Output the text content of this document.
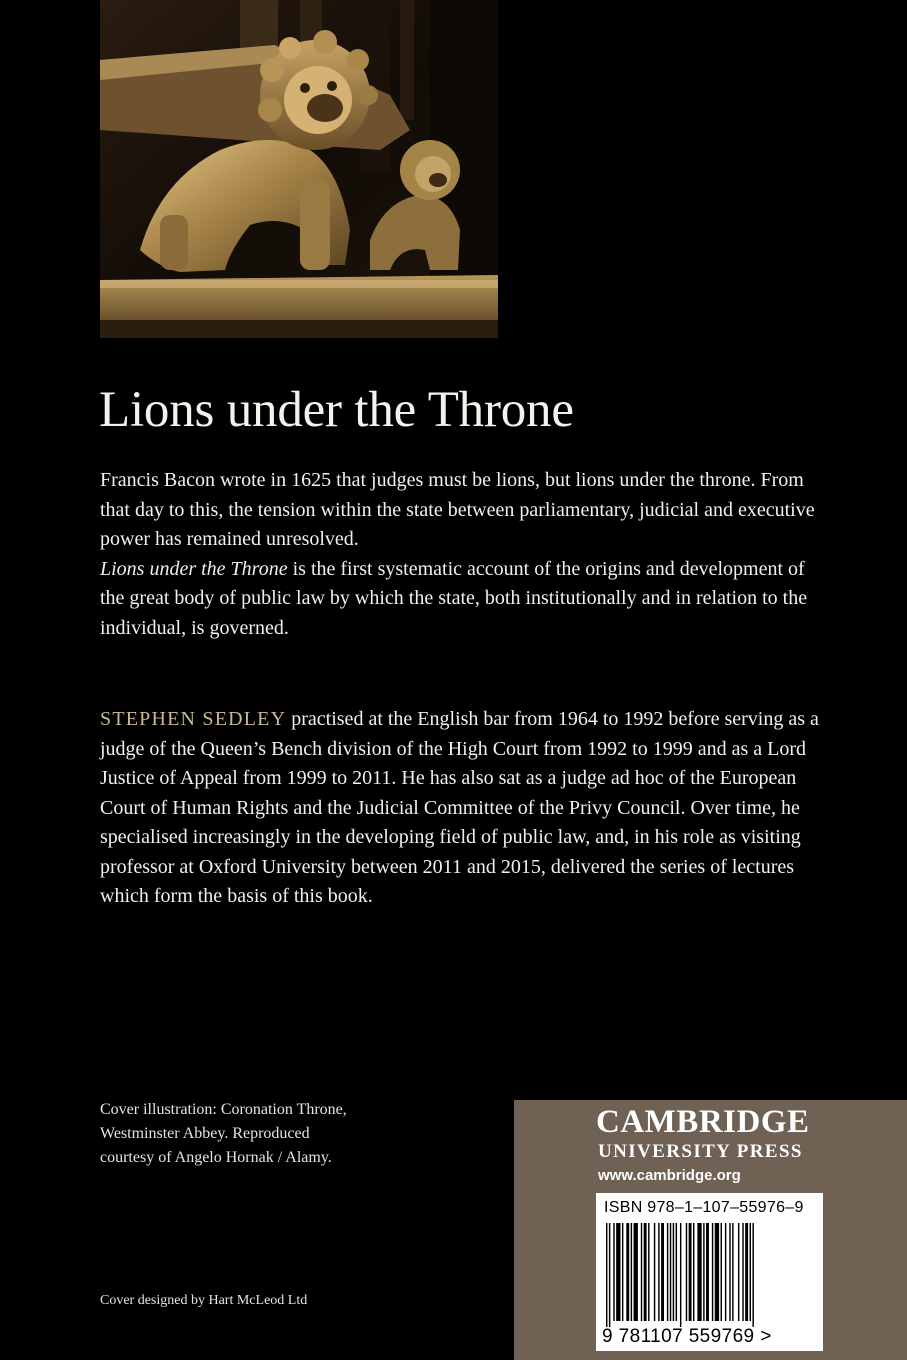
Lions under the Throne

Francis Bacon wrote in 1625 that judges must be lions, but lions under the throne. From that day to this, the tension within the state between parliamentary, judicial and executive power has remained unresolved.
Lions under the Throne is the first systematic account of the origins and development of the great body of public law by which the state, both institutionally and in relation to the individual, is governed.

STEPHEN SEDLEY practised at the English bar from 1964 to 1992 before serving as a judge of the Queen’s Bench division of the High Court from 1992 to 1999 and as a Lord Justice of Appeal from 1999 to 2011. He has also sat as a judge ad hoc of the European Court of Human Rights and the Judicial Committee of the Privy Council. Over time, he specialised increasingly in the developing field of public law, and, in his role as visiting professor at Oxford University between 2011 and 2015, delivered the series of lectures which form the basis of this book.

Cover illustration: Coronation Throne,
Westminster Abbey. Reproduced
courtesy of Angelo Hornak / Alamy.

Cover designed by Hart McLeod Ltd

CAMBRIDGE

UNIVERSITY PRESS

www.cambridge.org

ISBN 978–1–107–55976–9

9 781107 559769 >
